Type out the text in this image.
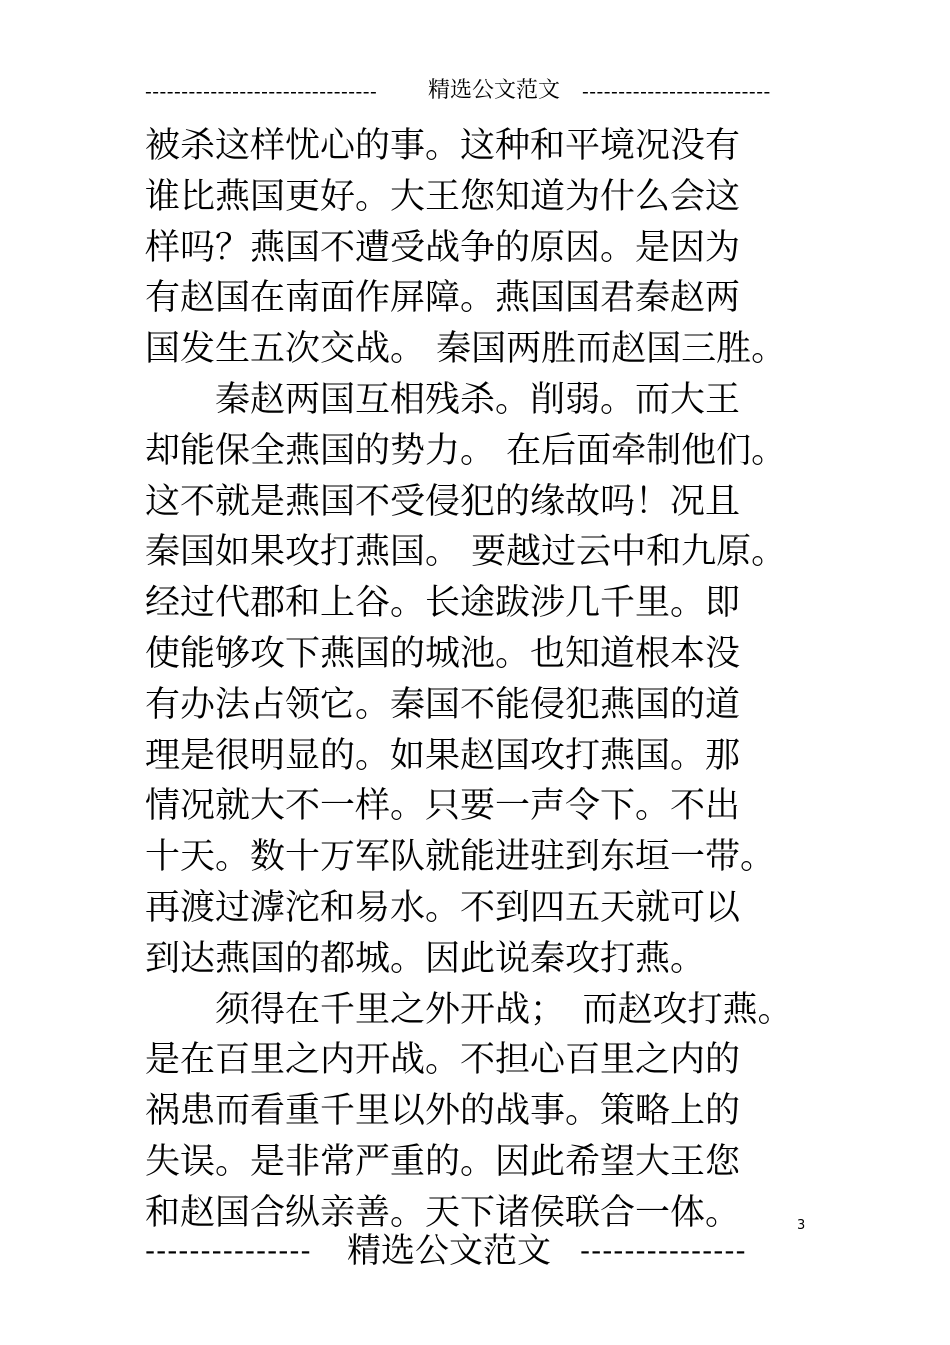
-------------------------------- 精选公文范文 --------------------------
被杀这样忧心的事。这种和平境况没有
谁比燕国更好。大王您知道为什么会这
样吗？燕国不遭受战争的原因。是因为
有赵国在南面作屏障。燕国国君秦赵两
国发生五次交战。 秦国两胜而赵国三胜。
　　秦赵两国互相残杀。削弱。而大王
却能保全燕国的势力。 在后面牵制他们。
这不就是燕国不受侵犯的缘故吗！况且
秦国如果攻打燕国。 要越过云中和九原。
经过代郡和上谷。长途跋涉几千里。即
使能够攻下燕国的城池。也知道根本没
有办法占领它。秦国不能侵犯燕国的道
理是很明显的。如果赵国攻打燕国。那
情况就大不一样。只要一声令下。不出
十天。数十万军队就能进驻到东垣一带。
再渡过滹沱和易水。不到四五天就可以
到达燕国的都城。因此说秦攻打燕。
　　须得在千里之外开战；　而赵攻打燕。
是在百里之内开战。不担心百里之内的
祸患而看重千里以外的战事。策略上的
失误。是非常严重的。因此希望大王您
和赵国合纵亲善。天下诸侯联合一体。	3
--------------- 精选公文范文 ---------------
